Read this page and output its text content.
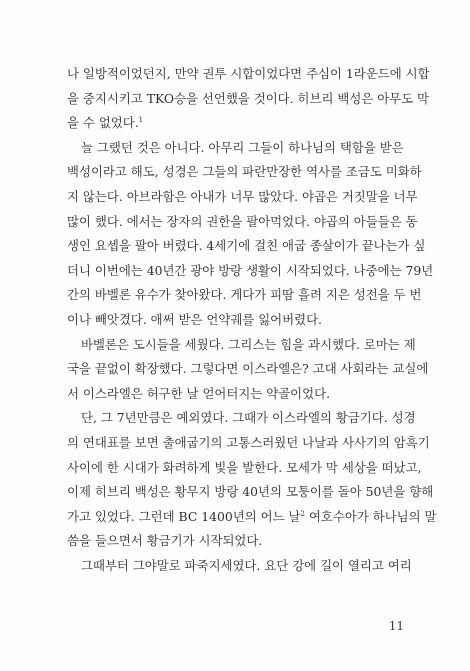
나 일방적이었던지, 만약 권투 시합이었다면 주심이 1라운드에 시합
을 중지시키고 TKO승을 선언했을 것이다. 히브리 백성은 아무도 막
을 수 없었다.$^1$
늘 그랬던 것은 아니다. 아무리 그들이 하나님의 택함을 받은
백성이라고 해도, 성경은 그들의 파란만장한 역사를 조금도 미화하
지 않는다. 아브라함은 아내가 너무 많았다. 야곱은 거짓말을 너무
많이 했다. 에서는 장자의 권한을 팔아먹었다. 야곱의 아들들은 동
생인 요셉을 팔아 버렸다. 4세기에 걸친 애굽 종살이가 끝나는가 싶
더니 이번에는 40년간 광야 방랑 생활이 시작되었다. 나중에는 79년
간의 바벨론 유수가 찾아왔다. 게다가 피땀 흘려 지은 성전을 두 번
이나 빼앗겼다. 애써 받은 언약궤를 잃어버렸다.
바벨론은 도시들을 세웠다. 그리스는 힘을 과시했다. 로마는 제
국을 끝없이 확장했다. 그렇다면 이스라엘은? 고대 사회라는 교실에
서 이스라엘은 허구한 날 얻어터지는 약골이었다.
단, 그 7년만큼은 예외였다. 그때가 이스라엘의 황금기다. 성경
의 연대표를 보면 출애굽기의 고통스러웠던 나날과 사사기의 암흑기
사이에 한 시대가 화려하게 빛을 발한다. 모세가 막 세상을 떠났고,
이제 히브리 백성은 황무지 방랑 40년의 모퉁이를 돌아 50년을 향해
가고 있었다. 그런데 BC 1400년의 어느 날$^2$ 여호수아가 하나님의 말
씀을 들으면서 황금기가 시작되었다.
그때부터 그야말로 파죽지세였다. 요단 강에 길이 열리고 여리
11
